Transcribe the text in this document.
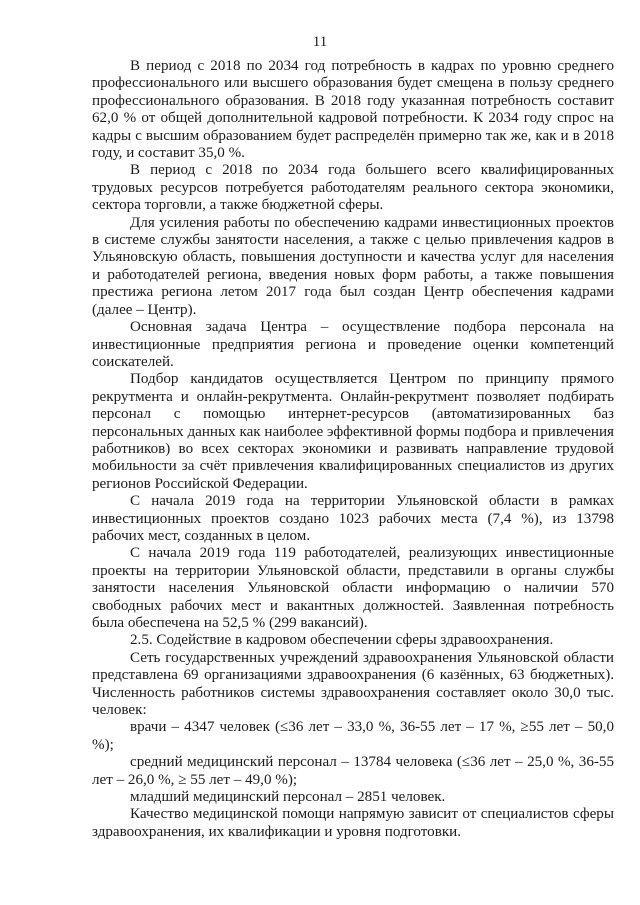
11

В период с 2018 по 2034 год потребность в кадрах по уровню среднего профессионального или высшего образования будет смещена в пользу среднего профессионального образования. В 2018 году указанная потребность составит 62,0 % от общей дополнительной кадровой потребности. К 2034 году спрос на кадры с высшим образованием будет распределён примерно так же, как и в 2018 году, и составит 35,0 %.

В период с 2018 по 2034 года большего всего квалифицированных трудовых ресурсов потребуется работодателям реального сектора экономики, сектора торговли, а также бюджетной сферы.

Для усиления работы по обеспечению кадрами инвестиционных проектов в системе службы занятости населения, а также с целью привлечения кадров в Ульяновскую область, повышения доступности и качества услуг для населения и работодателей региона, введения новых форм работы, а также повышения престижа региона летом 2017 года был создан Центр обеспечения кадрами (далее – Центр).

Основная задача Центра – осуществление подбора персонала на инвестиционные предприятия региона и проведение оценки компетенций соискателей.

Подбор кандидатов осуществляется Центром по принципу прямого рекрутмента и онлайн-рекрутмента. Онлайн-рекрутмент позволяет подбирать персонал с помощью интернет-ресурсов (автоматизированных баз персональных данных как наиболее эффективной формы подбора и привлечения работников) во всех секторах экономики и развивать направление трудовой мобильности за счёт привлечения квалифицированных специалистов из других регионов Российской Федерации.

С начала 2019 года на территории Ульяновской области в рамках инвестиционных проектов создано 1023 рабочих места (7,4 %), из 13798 рабочих мест, созданных в целом.

С начала 2019 года 119 работодателей, реализующих инвестиционные проекты на территории Ульяновской области, представили в органы службы занятости населения Ульяновской области информацию о наличии 570 свободных рабочих мест и вакантных должностей. Заявленная потребность была обеспечена на 52,5 % (299 вакансий).

2.5. Содействие в кадровом обеспечении сферы здравоохранения.

Сеть государственных учреждений здравоохранения Ульяновской области представлена 69 организациями здравоохранения (6 казённых, 63 бюджетных). Численность работников системы здравоохранения составляет около 30,0 тыс. человек:

врачи – 4347 человек (≤36 лет – 33,0 %, 36-55 лет – 17 %, ≥55 лет – 50,0 %);

средний медицинский персонал – 13784 человека (≤36 лет – 25,0 %, 36-55 лет – 26,0 %, ≥ 55 лет – 49,0 %);

младший медицинский персонал – 2851 человек.

Качество медицинской помощи напрямую зависит от специалистов сферы здравоохранения, их квалификации и уровня подготовки.
